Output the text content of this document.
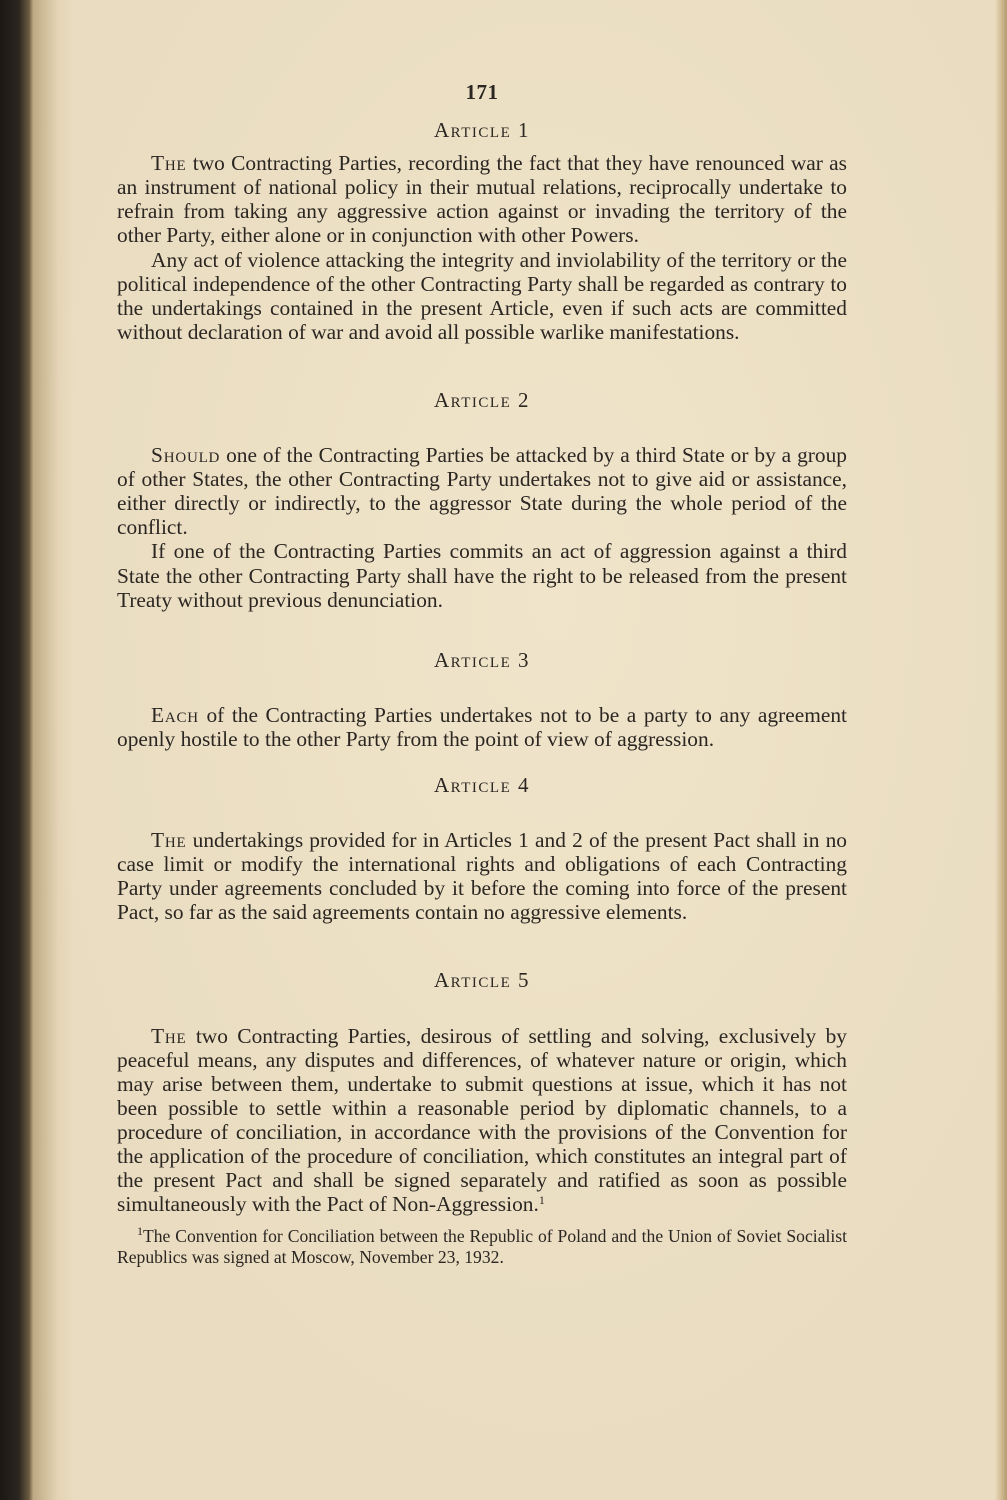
171
Article 1

The two Contracting Parties, recording the fact that they have renounced war as an instrument of national policy in their mutual relations, reciprocally undertake to refrain from taking any aggressive action against or invading the territory of the other Party, either alone or in conjunction with other Powers.

Any act of violence attacking the integrity and inviolability of the territory or the political independence of the other Contracting Party shall be regarded as contrary to the undertakings contained in the present Article, even if such acts are committed without declaration of war and avoid all possible warlike manifestations.

Article 2

Should one of the Contracting Parties be attacked by a third State or by a group of other States, the other Contracting Party undertakes not to give aid or assistance, either directly or indirectly, to the aggressor State during the whole period of the conflict.

If one of the Contracting Parties commits an act of aggression against a third State the other Contracting Party shall have the right to be released from the present Treaty without previous denunciation.

Article 3

Each of the Contracting Parties undertakes not to be a party to any agreement openly hostile to the other Party from the point of view of aggression.

Article 4

The undertakings provided for in Articles 1 and 2 of the present Pact shall in no case limit or modify the international rights and obligations of each Contracting Party under agreements concluded by it before the coming into force of the present Pact, so far as the said agreements contain no aggressive elements.

Article 5

The two Contracting Parties, desirous of settling and solving, exclusively by peaceful means, any disputes and differences, of whatever nature or origin, which may arise between them, undertake to submit questions at issue, which it has not been possible to settle within a reasonable period by diplomatic channels, to a procedure of conciliation, in accordance with the provisions of the Convention for the application of the procedure of conciliation, which constitutes an integral part of the present Pact and shall be signed separately and ratified as soon as possible simultaneously with the Pact of Non-Aggression.$^1$

$^1$The Convention for Conciliation between the Republic of Poland and the Union of Soviet Socialist Republics was signed at Moscow, November 23, 1932.
